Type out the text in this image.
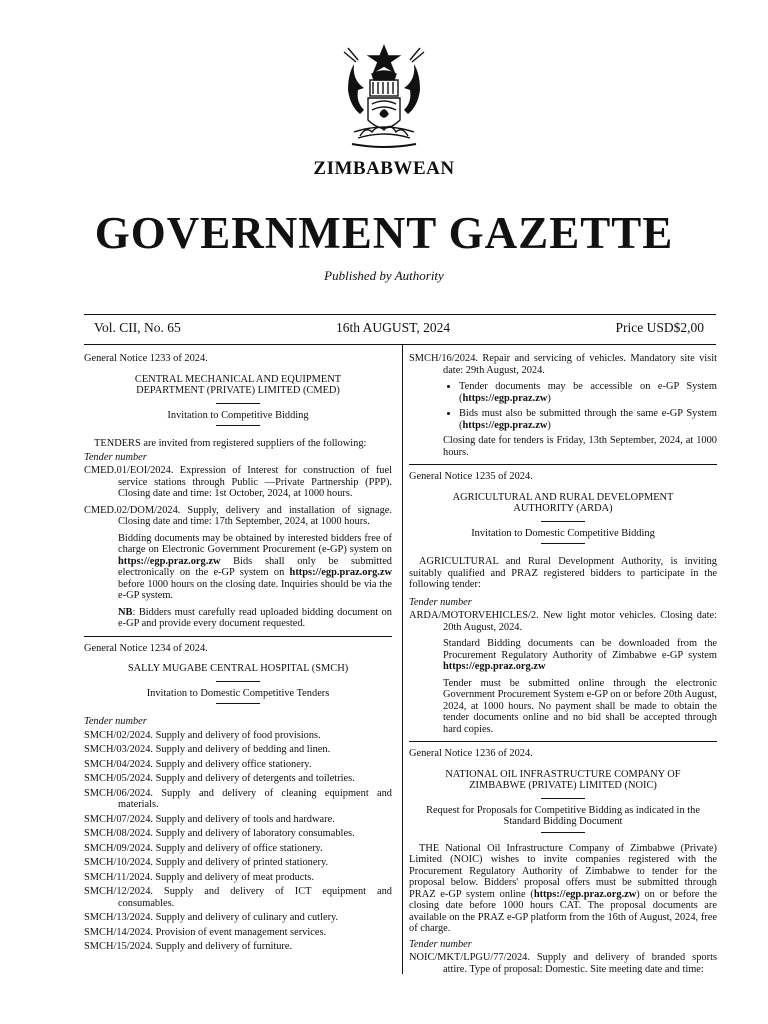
ZIMBABWEAN
GOVERNMENT GAZETTE
Published by Authority
Vol. CII, No. 65	16th AUGUST, 2024	Price USD$2,00

General Notice 1233 of 2024.

CENTRAL MECHANICAL AND EQUIPMENT
DEPARTMENT (PRIVATE) LIMITED (CMED)

Invitation to Competitive Bidding

TENDERS are invited from registered suppliers of the following:

Tender number

CMED.01/EOI/2024. Expression of Interest for construction of fuel service stations through Public —Private Partnership (PPP). Closing date and time: 1st October, 2024, at 1000 hours.

CMED.02/DOM/2024. Supply, delivery and installation of signage. Closing date and time: 17th September, 2024, at 1000 hours.

Bidding documents may be obtained by interested bidders free of charge on Electronic Government Procurement (e-GP) system on https://egp.praz.org.zw Bids shall only be submitted electronically on the e-GP system on https://egp.praz.org.zw before 1000 hours on the closing date. Inquiries should be via the e-GP system.

NB: Bidders must carefully read uploaded bidding document on e-GP and provide every document requested.

General Notice 1234 of 2024.

SALLY MUGABE CENTRAL HOSPITAL (SMCH)

Invitation to Domestic Competitive Tenders

Tender number

SMCH/02/2024. Supply and delivery of food provisions.

SMCH/03/2024. Supply and delivery of bedding and linen.

SMCH/04/2024. Supply and delivery office stationery.

SMCH/05/2024. Supply and delivery of detergents and toiletries.

SMCH/06/2024. Supply and delivery of cleaning equipment and materials.

SMCH/07/2024. Supply and delivery of tools and hardware.

SMCH/08/2024. Supply and delivery of laboratory consumables.

SMCH/09/2024. Supply and delivery of office stationery.

SMCH/10/2024. Supply and delivery of printed stationery.

SMCH/11/2024. Supply and delivery of meat products.

SMCH/12/2024. Supply and delivery of ICT equipment and consumables.

SMCH/13/2024. Supply and delivery of culinary and cutlery.

SMCH/14/2024. Provision of event management services.

SMCH/15/2024. Supply and delivery of furniture.

SMCH/16/2024. Repair and servicing of vehicles. Mandatory site visit date: 29th August, 2024.

• Tender documents may be accessible on e-GP System (https://egp.praz.zw)
• Bids must also be submitted through the same e-GP System (https://egp.praz.zw)

Closing date for tenders is Friday, 13th September, 2024, at 1000 hours.

General Notice 1235 of 2024.

AGRICULTURAL AND RURAL DEVELOPMENT
AUTHORITY (ARDA)

Invitation to Domestic Competitive Bidding

AGRICULTURAL and Rural Development Authority, is inviting suitably qualified and PRAZ registered bidders to participate in the following tender:

Tender number

ARDA/MOTORVEHICLES/2. New light motor vehicles. Closing date: 20th August, 2024.

Standard Bidding documents can be downloaded from the Procurement Regulatory Authority of Zimbabwe e-GP system https://egp.praz.org.zw

Tender must be submitted online through the electronic Government Procurement System e-GP on or before 20th August, 2024, at 1000 hours. No payment shall be made to obtain the tender documents online and no bid shall be accepted through hard copies.

General Notice 1236 of 2024.

NATIONAL OIL INFRASTRUCTURE COMPANY OF
ZIMBABWE (PRIVATE) LIMITED (NOIC)

Request for Proposals for Competitive Bidding as indicated in the Standard Bidding Document

THE National Oil Infrastructure Company of Zimbabwe (Private) Limited (NOIC) wishes to invite companies registered with the Procurement Regulatory Authority of Zimbabwe to tender for the proposal below. Bidders' proposal offers must be submitted through PRAZ e-GP system online (https://egp.praz.org.zw) on or before the closing date before 1000 hours CAT. The proposal documents are available on the PRAZ e-GP platform from the 16th of August, 2024, free of charge.

Tender number

NOIC/MKT/LPGU/77/2024. Supply and delivery of branded sports attire. Type of proposal: Domestic. Site meeting date and time:
